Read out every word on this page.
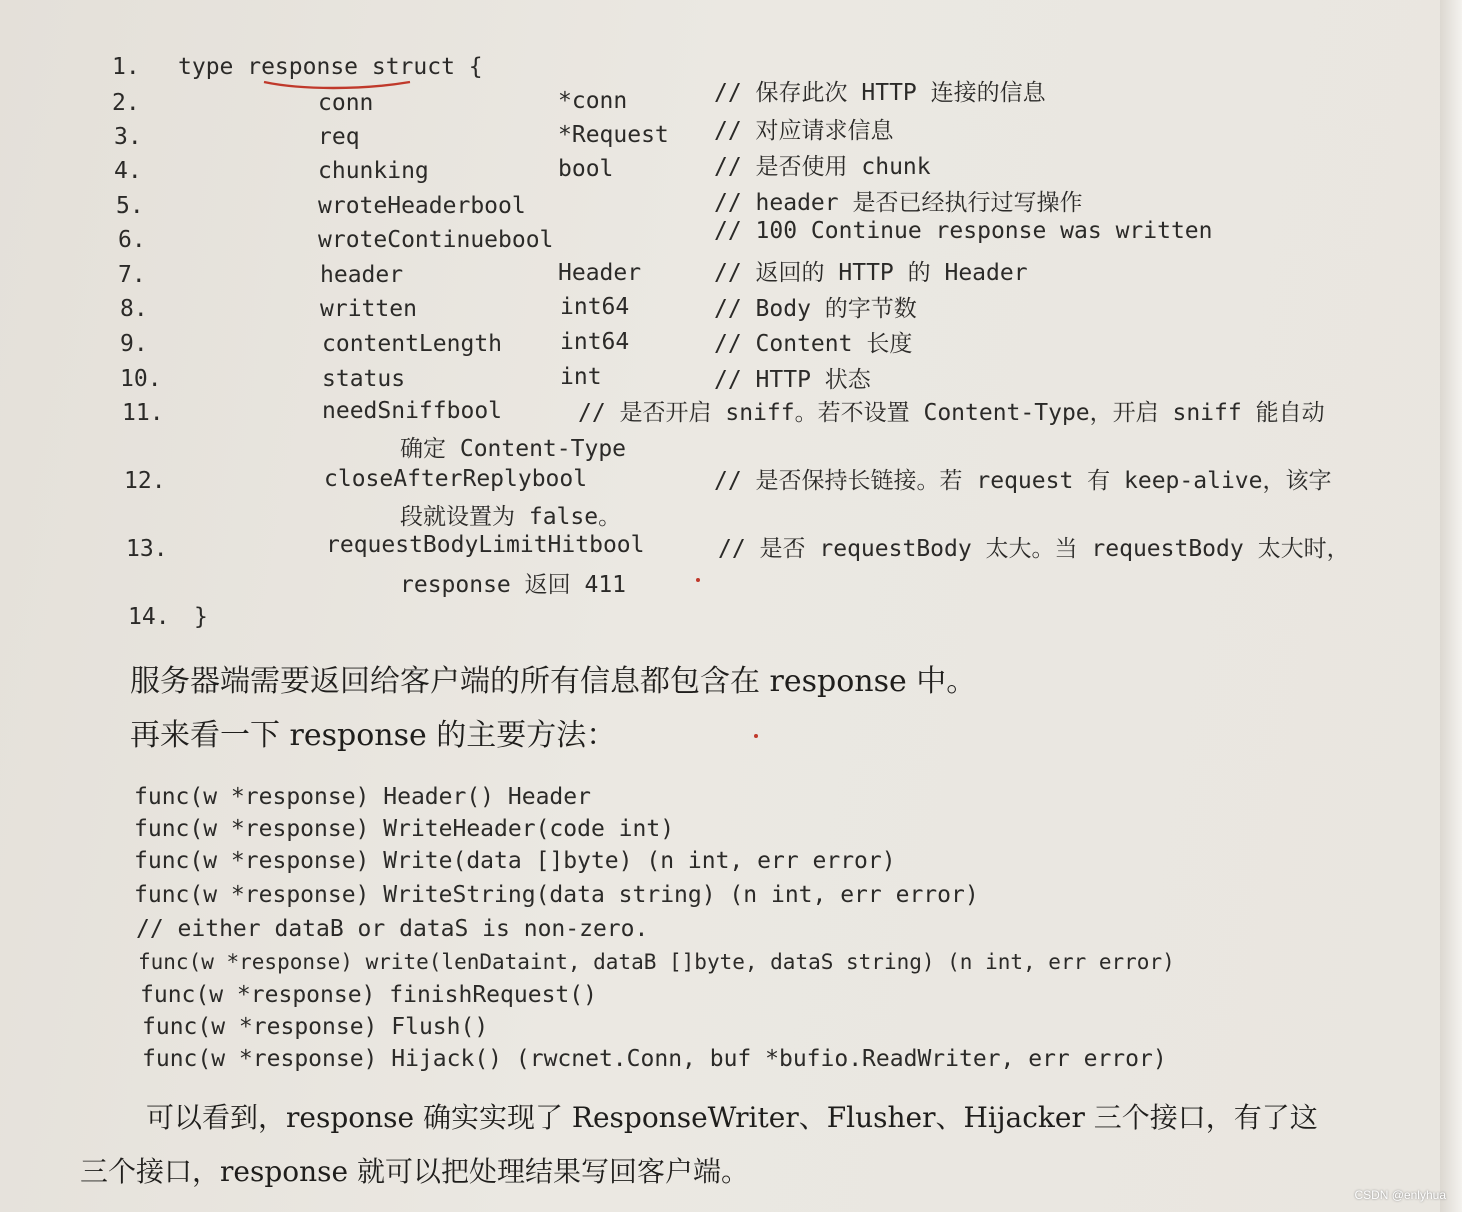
1. type response struct {
2.	conn	*conn	// 保存此次 HTTP 连接的信息
3.	req	*Request // 对应请求信息
4.	chunking	bool	// 是否使用 chunk
5.	wroteHeaderbool	// header 是否已经执行过写操作
6.	wroteContinuebool	// 100 Continue response was written
7.	header	Header	// 返回的 HTTP 的 Header
8.	written	int64	// Body 的字节数
9.	contentLength	int64	// Content 长度
10.	status	int	// HTTP 状态
11.	needSniffbool	// 是否开启 sniff。若不设置 Content-Type，开启 sniff 能自动
确定 Content-Type
12.	closeAfterReplybool	// 是否保持长链接。若 request 有 keep-alive，该字
段就设置为 false。
13.	requestBodyLimitHitbool	// 是否 requestBody 太大。当 requestBody 太大时，
response 返回 411
14. }
服务器端需要返回给客户端的所有信息都包含在 response 中。
再来看一下 response 的主要方法：
func(w *response) Header() Header
func(w *response) WriteHeader(code int)
func(w *response) Write(data []byte) (n int, err error)
func(w *response) WriteString(data string) (n int, err error)
// either dataB or dataS is non-zero.
func(w *response) write(lenDataint, dataB []byte, dataS string) (n int, err error)
func(w *response) finishRequest()
func(w *response) Flush()
func(w *response) Hijack() (rwcnet.Conn, buf *bufio.ReadWriter, err error)
可以看到，response 确实实现了 ResponseWriter、Flusher、Hijacker 三个接口，有了这
三个接口，response 就可以把处理结果写回客户端。
CSDN @enlyhua
